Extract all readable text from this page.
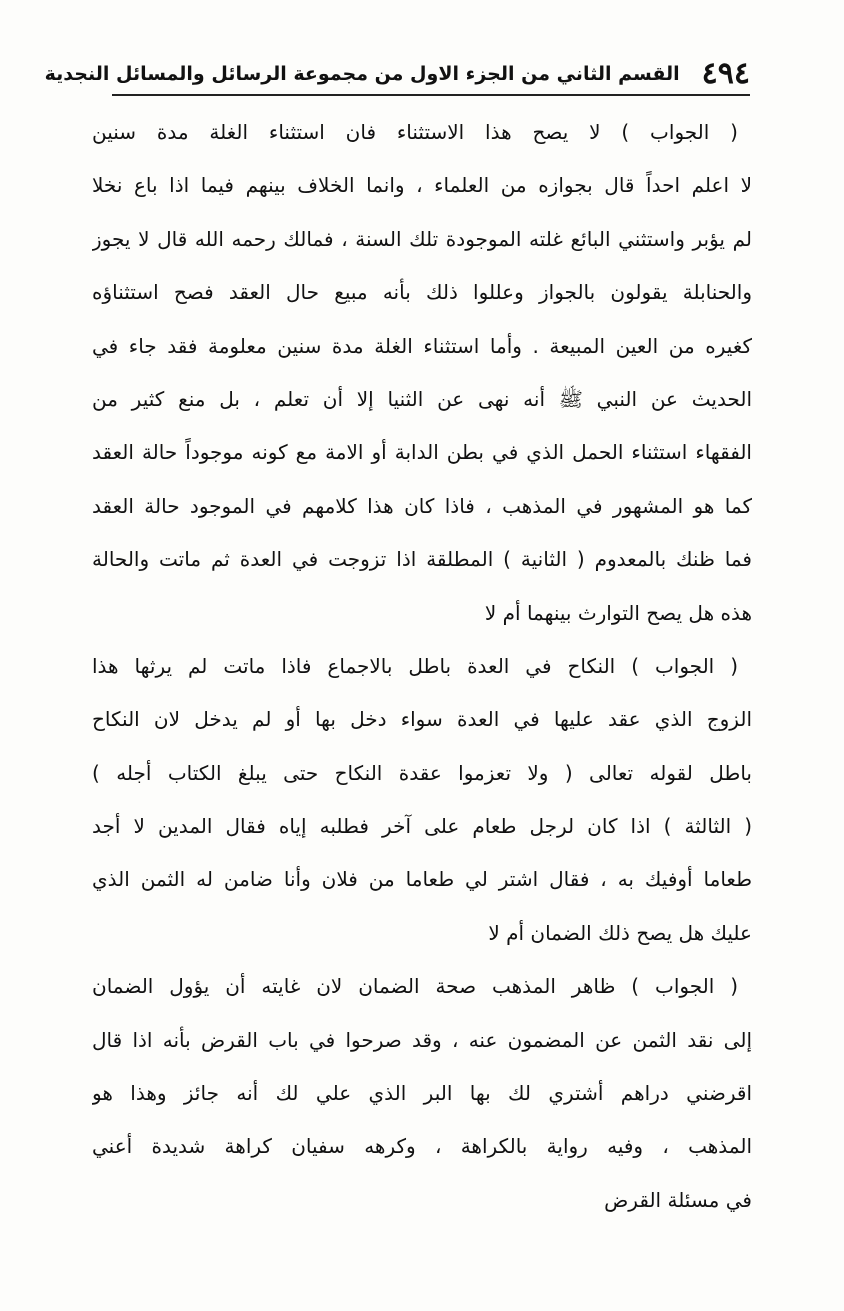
٤٩٤
القسم الثاني من الجزء الاول من مجموعة الرسائل والمسائل النجدية
( الجواب ) لا يصح هذا الاستثناء فان استثناء الغلة مدة سنين
لا اعلم احداً قال بجوازه من العلماء ، وانما الخلاف بينهم فيما اذا باع نخلا
لم يؤبر واستثني البائع غلته الموجودة تلك السنة ، فمالك رحمه الله قال لا يجوز
والحنابلة يقولون بالجواز وعللوا ذلك بأنه مبيع حال العقد فصح استثناؤه
كغيره من العين المبيعة . وأما استثناء الغلة مدة سنين معلومة فقد جاء في
الحديث عن النبي ﷺ أنه نهى عن الثنيا إلا أن تعلم ، بل منع كثير من
الفقهاء استثناء الحمل الذي في بطن الدابة أو الامة مع كونه موجوداً حالة العقد
كما هو المشهور في المذهب ، فاذا كان هذا كلامهم في الموجود حالة العقد
فما ظنك بالمعدوم ( الثانية ) المطلقة اذا تزوجت في العدة ثم ماتت والحالة
هذه هل يصح التوارث بينهما أم لا
( الجواب ) النكاح في العدة باطل بالاجماع فاذا ماتت لم يرثها هذا
الزوج الذي عقد عليها في العدة سواء دخل بها أو لم يدخل لان النكاح
باطل لقوله تعالى ( ولا تعزموا عقدة النكاح حتى يبلغ الكتاب أجله )
( الثالثة ) اذا كان لرجل طعام على آخر فطلبه إياه فقال المدين لا أجد
طعاما أوفيك به ، فقال اشتر لي طعاما من فلان وأنا ضامن له الثمن الذي
عليك هل يصح ذلك الضمان أم لا
( الجواب ) ظاهر المذهب صحة الضمان لان غايته أن يؤول الضمان
إلى نقد الثمن عن المضمون عنه ، وقد صرحوا في باب القرض بأنه اذا قال
اقرضني دراهم أشتري لك بها البر الذي علي لك أنه جائز وهذا هو
المذهب ، وفيه رواية بالكراهة ، وكرهه سفيان كراهة شديدة أعني
في مسئلة القرض
